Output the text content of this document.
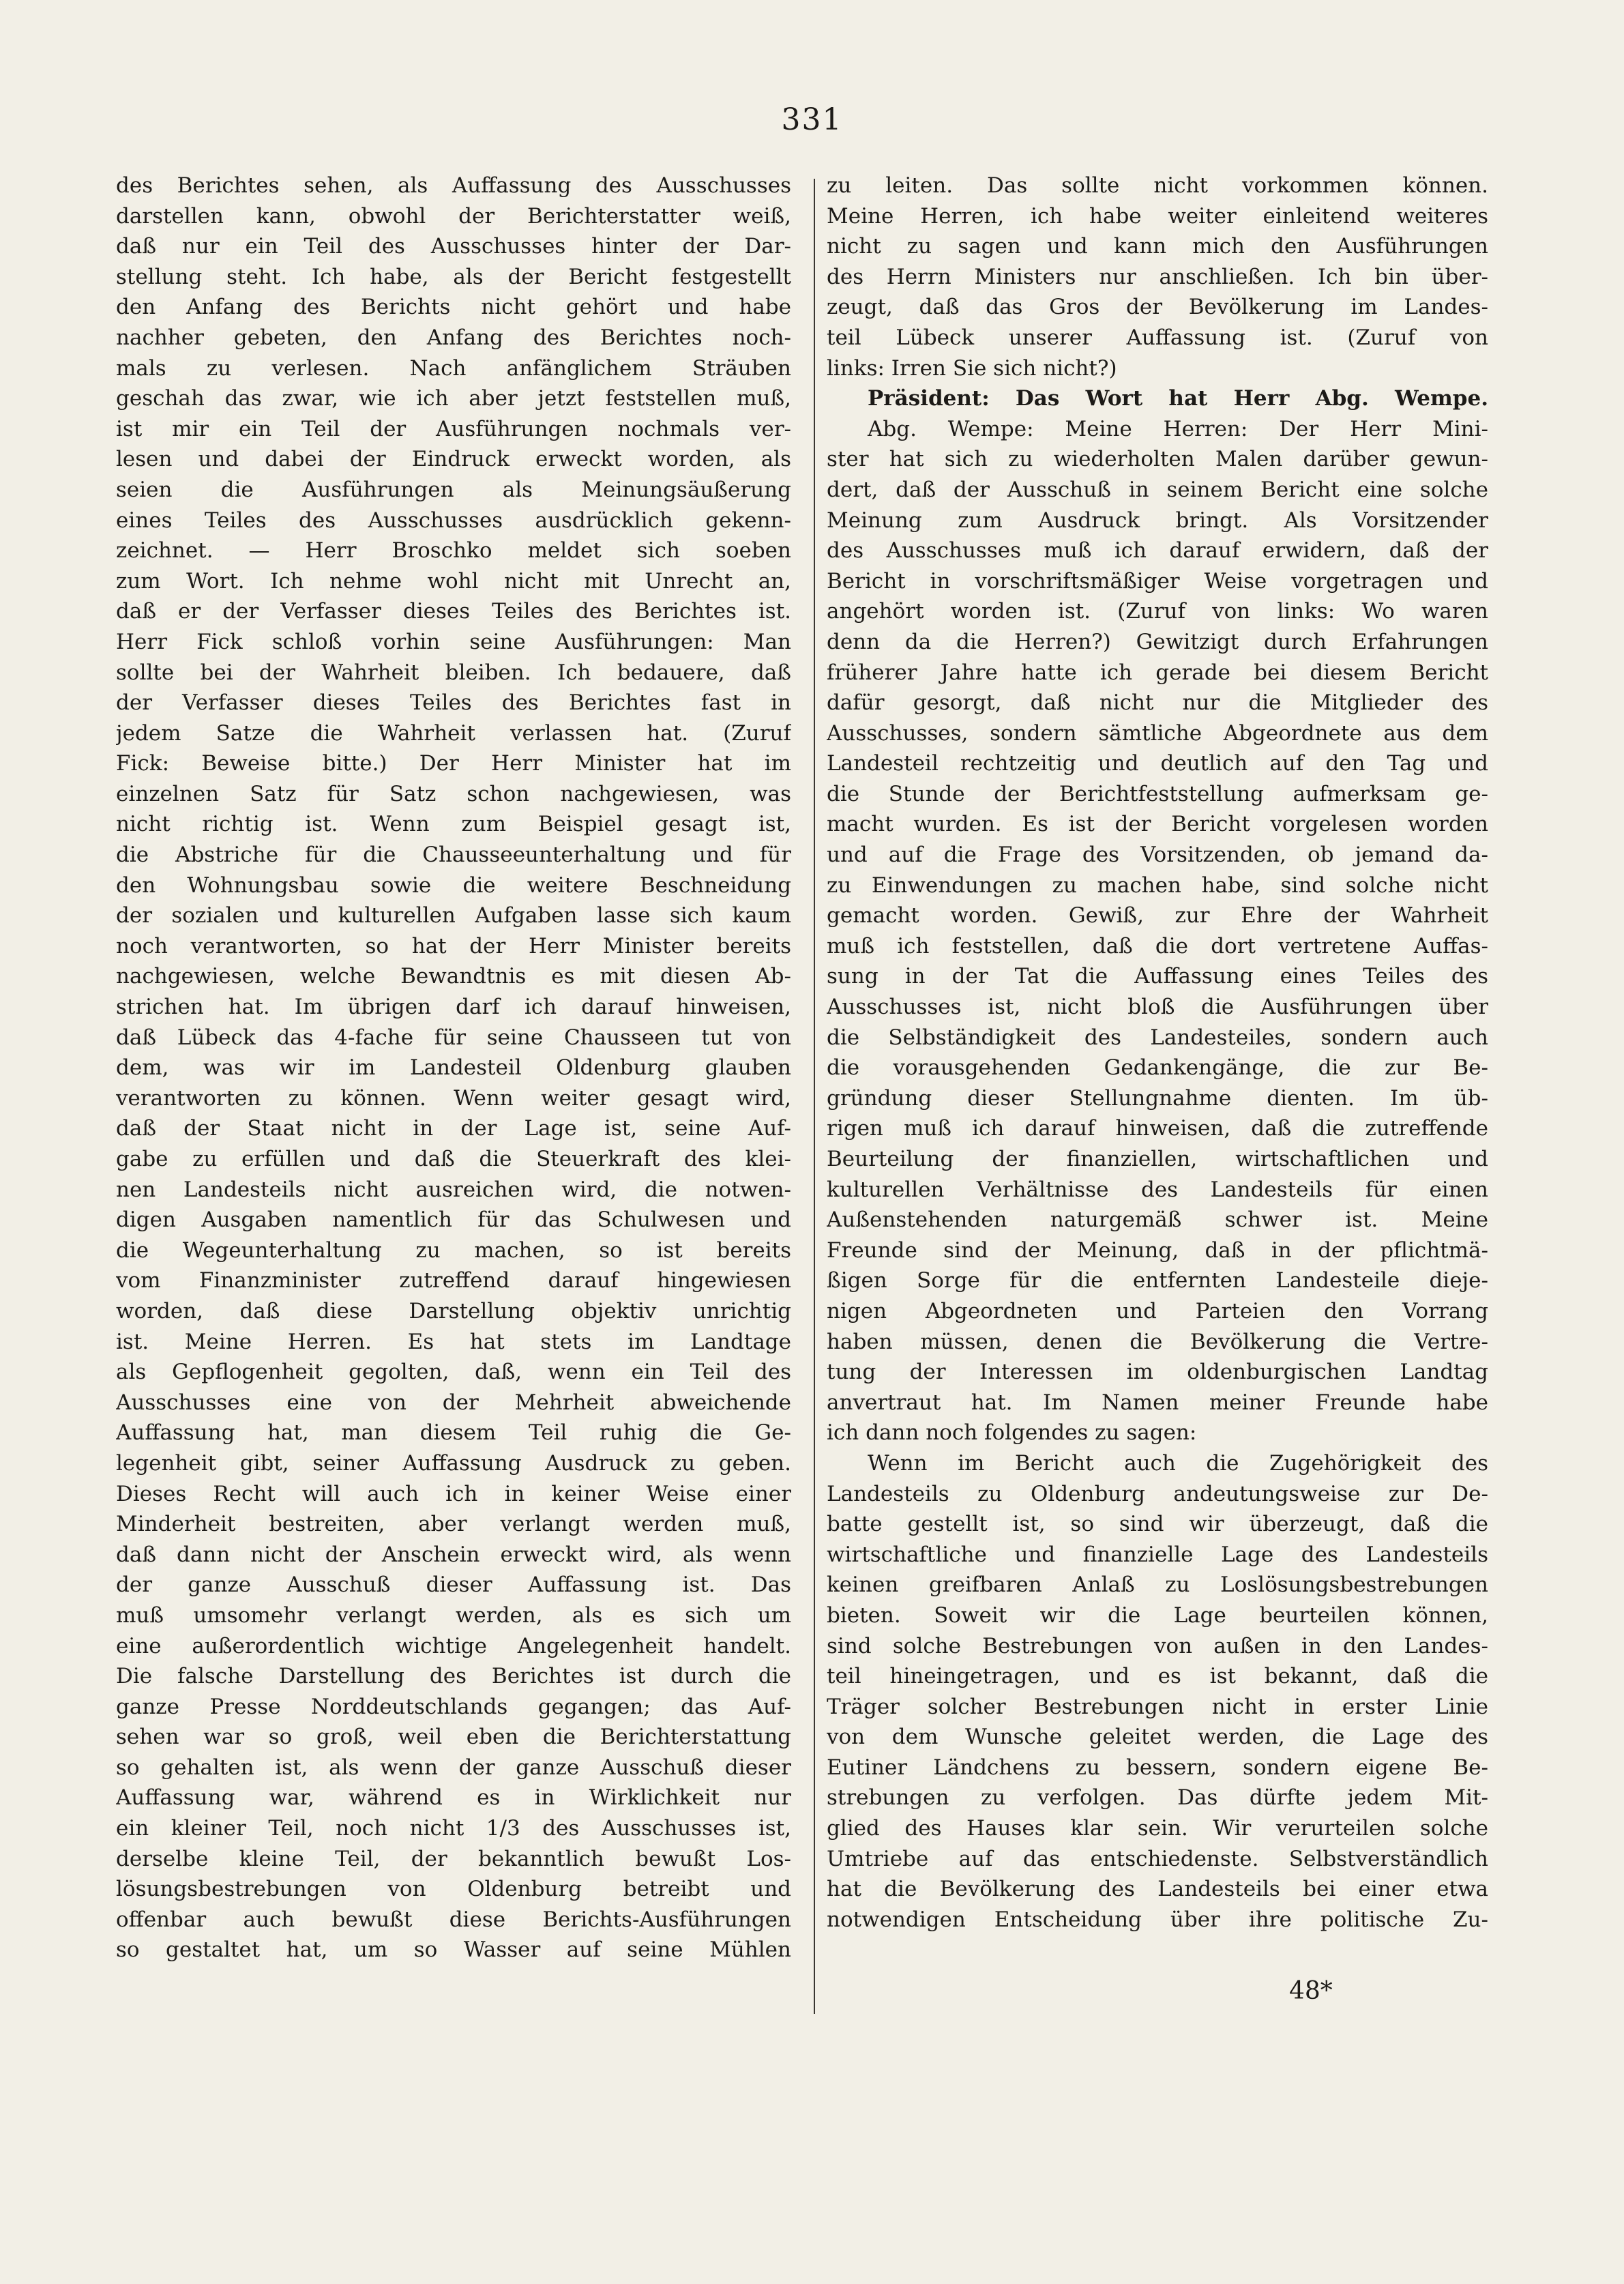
331
des Berichtes sehen, als Auffassung des Ausschusses
darstellen kann, obwohl der Berichterstatter weiß,
daß nur ein Teil des Ausschusses hinter der Dar-
stellung steht. Ich habe, als der Bericht festgestellt
den Anfang des Berichts nicht gehört und habe
nachher gebeten, den Anfang des Berichtes noch-
mals zu verlesen. Nach anfänglichem Sträuben
geschah das zwar, wie ich aber jetzt feststellen muß,
ist mir ein Teil der Ausführungen nochmals ver-
lesen und dabei der Eindruck erweckt worden, als
seien die Ausführungen als Meinungsäußerung
eines Teiles des Ausschusses ausdrücklich gekenn-
zeichnet. — Herr Broschko meldet sich soeben
zum Wort. Ich nehme wohl nicht mit Unrecht an,
daß er der Verfasser dieses Teiles des Berichtes ist.
Herr Fick schloß vorhin seine Ausführungen: Man
sollte bei der Wahrheit bleiben. Ich bedauere, daß
der Verfasser dieses Teiles des Berichtes fast in
jedem Satze die Wahrheit verlassen hat. (Zuruf
Fick: Beweise bitte.) Der Herr Minister hat im
einzelnen Satz für Satz schon nachgewiesen, was
nicht richtig ist. Wenn zum Beispiel gesagt ist,
die Abstriche für die Chausseeunterhaltung und für
den Wohnungsbau sowie die weitere Beschneidung
der sozialen und kulturellen Aufgaben lasse sich kaum
noch verantworten, so hat der Herr Minister bereits
nachgewiesen, welche Bewandtnis es mit diesen Ab-
strichen hat. Im übrigen darf ich darauf hinweisen,
daß Lübeck das 4-fache für seine Chausseen tut von
dem, was wir im Landesteil Oldenburg glauben
verantworten zu können. Wenn weiter gesagt wird,
daß der Staat nicht in der Lage ist, seine Auf-
gabe zu erfüllen und daß die Steuerkraft des klei-
nen Landesteils nicht ausreichen wird, die notwen-
digen Ausgaben namentlich für das Schulwesen und
die Wegeunterhaltung zu machen, so ist bereits
vom Finanzminister zutreffend darauf hingewiesen
worden, daß diese Darstellung objektiv unrichtig
ist. Meine Herren. Es hat stets im Landtage
als Gepflogenheit gegolten, daß, wenn ein Teil des
Ausschusses eine von der Mehrheit abweichende
Auffassung hat, man diesem Teil ruhig die Ge-
legenheit gibt, seiner Auffassung Ausdruck zu geben.
Dieses Recht will auch ich in keiner Weise einer
Minderheit bestreiten, aber verlangt werden muß,
daß dann nicht der Anschein erweckt wird, als wenn
der ganze Ausschuß dieser Auffassung ist. Das
muß umsomehr verlangt werden, als es sich um
eine außerordentlich wichtige Angelegenheit handelt.
Die falsche Darstellung des Berichtes ist durch die
ganze Presse Norddeutschlands gegangen; das Auf-
sehen war so groß, weil eben die Berichterstattung
so gehalten ist, als wenn der ganze Ausschuß dieser
Auffassung war, während es in Wirklichkeit nur
ein kleiner Teil, noch nicht 1/3 des Ausschusses ist,
derselbe kleine Teil, der bekanntlich bewußt Los-
lösungsbestrebungen von Oldenburg betreibt und
offenbar auch bewußt diese Berichts-Ausführungen
so gestaltet hat, um so Wasser auf seine Mühlen
zu leiten. Das sollte nicht vorkommen können.
Meine Herren, ich habe weiter einleitend weiteres
nicht zu sagen und kann mich den Ausführungen
des Herrn Ministers nur anschließen. Ich bin über-
zeugt, daß das Gros der Bevölkerung im Landes-
teil Lübeck unserer Auffassung ist. (Zuruf von
links: Irren Sie sich nicht?)
Präsident: Das Wort hat Herr Abg. Wempe.
Abg. Wempe: Meine Herren: Der Herr Mini-
ster hat sich zu wiederholten Malen darüber gewun-
dert, daß der Ausschuß in seinem Bericht eine solche
Meinung zum Ausdruck bringt. Als Vorsitzender
des Ausschusses muß ich darauf erwidern, daß der
Bericht in vorschriftsmäßiger Weise vorgetragen und
angehört worden ist. (Zuruf von links: Wo waren
denn da die Herren?) Gewitzigt durch Erfahrungen
früherer Jahre hatte ich gerade bei diesem Bericht
dafür gesorgt, daß nicht nur die Mitglieder des
Ausschusses, sondern sämtliche Abgeordnete aus dem
Landesteil rechtzeitig und deutlich auf den Tag und
die Stunde der Berichtfeststellung aufmerksam ge-
macht wurden. Es ist der Bericht vorgelesen worden
und auf die Frage des Vorsitzenden, ob jemand da-
zu Einwendungen zu machen habe, sind solche nicht
gemacht worden. Gewiß, zur Ehre der Wahrheit
muß ich feststellen, daß die dort vertretene Auffas-
sung in der Tat die Auffassung eines Teiles des
Ausschusses ist, nicht bloß die Ausführungen über
die Selbständigkeit des Landesteiles, sondern auch
die vorausgehenden Gedankengänge, die zur Be-
gründung dieser Stellungnahme dienten. Im üb-
rigen muß ich darauf hinweisen, daß die zutreffende
Beurteilung der finanziellen, wirtschaftlichen und
kulturellen Verhältnisse des Landesteils für einen
Außenstehenden naturgemäß schwer ist. Meine
Freunde sind der Meinung, daß in der pflichtmä-
ßigen Sorge für die entfernten Landesteile dieje-
nigen Abgeordneten und Parteien den Vorrang
haben müssen, denen die Bevölkerung die Vertre-
tung der Interessen im oldenburgischen Landtag
anvertraut hat. Im Namen meiner Freunde habe
ich dann noch folgendes zu sagen:
Wenn im Bericht auch die Zugehörigkeit des
Landesteils zu Oldenburg andeutungsweise zur De-
batte gestellt ist, so sind wir überzeugt, daß die
wirtschaftliche und finanzielle Lage des Landesteils
keinen greifbaren Anlaß zu Loslösungsbestrebungen
bieten. Soweit wir die Lage beurteilen können,
sind solche Bestrebungen von außen in den Landes-
teil hineingetragen, und es ist bekannt, daß die
Träger solcher Bestrebungen nicht in erster Linie
von dem Wunsche geleitet werden, die Lage des
Eutiner Ländchens zu bessern, sondern eigene Be-
strebungen zu verfolgen. Das dürfte jedem Mit-
glied des Hauses klar sein. Wir verurteilen solche
Umtriebe auf das entschiedenste. Selbstverständlich
hat die Bevölkerung des Landesteils bei einer etwa
notwendigen Entscheidung über ihre politische Zu-
48*
